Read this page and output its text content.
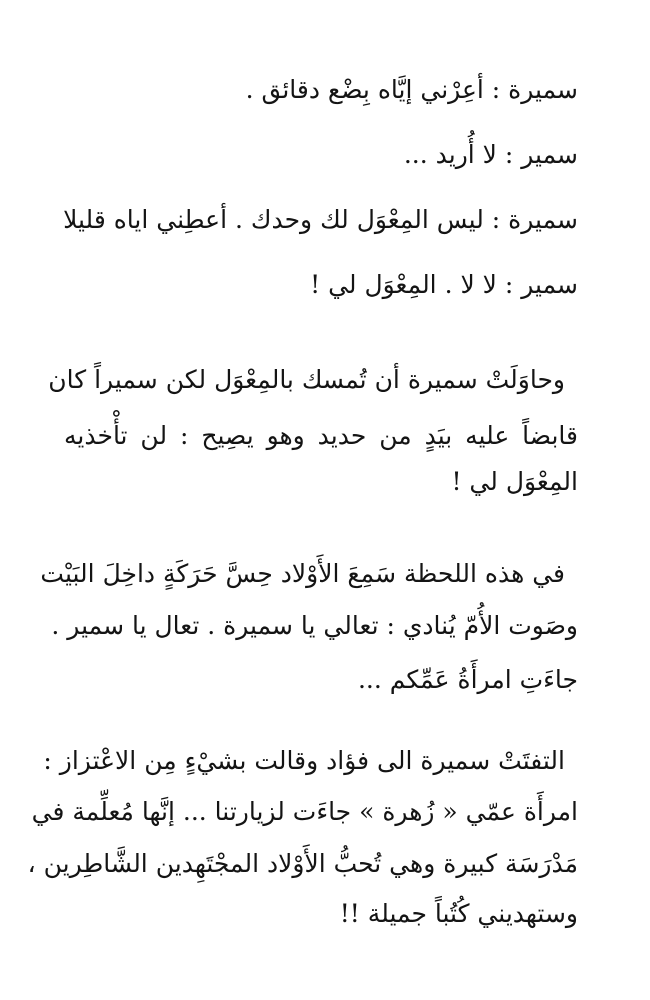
سميرة : أعِرْني إيَّاه بِضْع دقائق .
سمير : لا أُريد ...
سميرة : ليس المِعْوَل لك وحدك . أعطِني اياه قليلا
سمير : لا لا . المِعْوَل لي !
وحاوَلَتْ سميرة أن تُمسك بالمِعْوَل لكن سميراً كان
قابضاً عليه بيَدٍ من حديد وهو يصِيح : لن تأْخذيه
المِعْوَل لي !
في هذه اللحظة سَمِعَ الأَوْلاد حِسَّ حَرَكَةٍ داخِلَ البَيْت
وصَوت الأُمّ يُنادي : تعالي يا سميرة . تعال يا سمير .
جاءَتِ امرأَةُ عَمِّكم ...
التفتَتْ سميرة الى فؤاد وقالت بشيْءٍ مِن الاعْتزاز :
امرأَة عمّي « زُهرة » جاءَت لزيارتنا ... إنَّها مُعلِّمة في
مَدْرَسَة كبيرة وهي تُحبُّ الأَوْلاد المجْتَهِدين الشَّاطِرين ،
وستهديني كُتُباً جميلة !!
